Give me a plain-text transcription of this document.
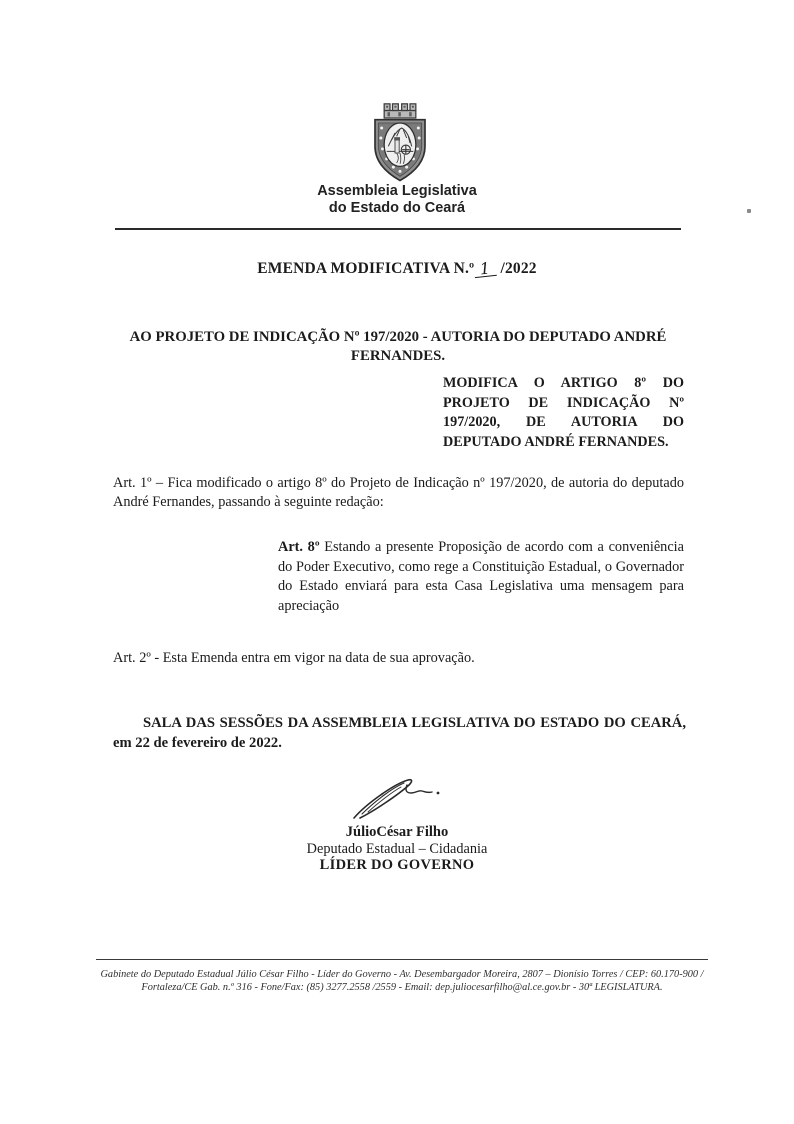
Assembleia Legislativa
do Estado do Ceará
EMENDA MODIFICATIVA N.º 1 /2022
AO PROJETO DE INDICAÇÃO Nº 197/2020 - AUTORIA DO DEPUTADO ANDRÉ FERNANDES.
MODIFICA O ARTIGO 8º DO PROJETO DE INDICAÇÃO Nº 197/2020, DE AUTORIA DO DEPUTADO ANDRÉ FERNANDES.
Art. 1º – Fica modificado o artigo 8º do Projeto de Indicação nº 197/2020, de autoria do deputado André Fernandes, passando à seguinte redação:
Art. 8º Estando a presente Proposição de acordo com a conveniência do Poder Executivo, como rege a Constituição Estadual, o Governador do Estado enviará para esta Casa Legislativa uma mensagem para apreciação
Art. 2º - Esta Emenda entra em vigor na data de sua aprovação.
SALA DAS SESSÕES DA ASSEMBLEIA LEGISLATIVA DO ESTADO DO CEARÁ, em 22 de fevereiro de 2022.
JúlioCésar Filho
Deputado Estadual – Cidadania
LÍDER DO GOVERNO
Gabinete do Deputado Estadual Júlio César Filho - Líder do Governo - Av. Desembargador Moreira, 2807 – Dionísio Torres / CEP: 60.170-900 /
Fortaleza/CE Gab. n.º 316 - Fone/Fax: (85) 3277.2558 /2559 - Email: dep.juliocesarfilho@al.ce.gov.br - 30ª LEGISLATURA.
